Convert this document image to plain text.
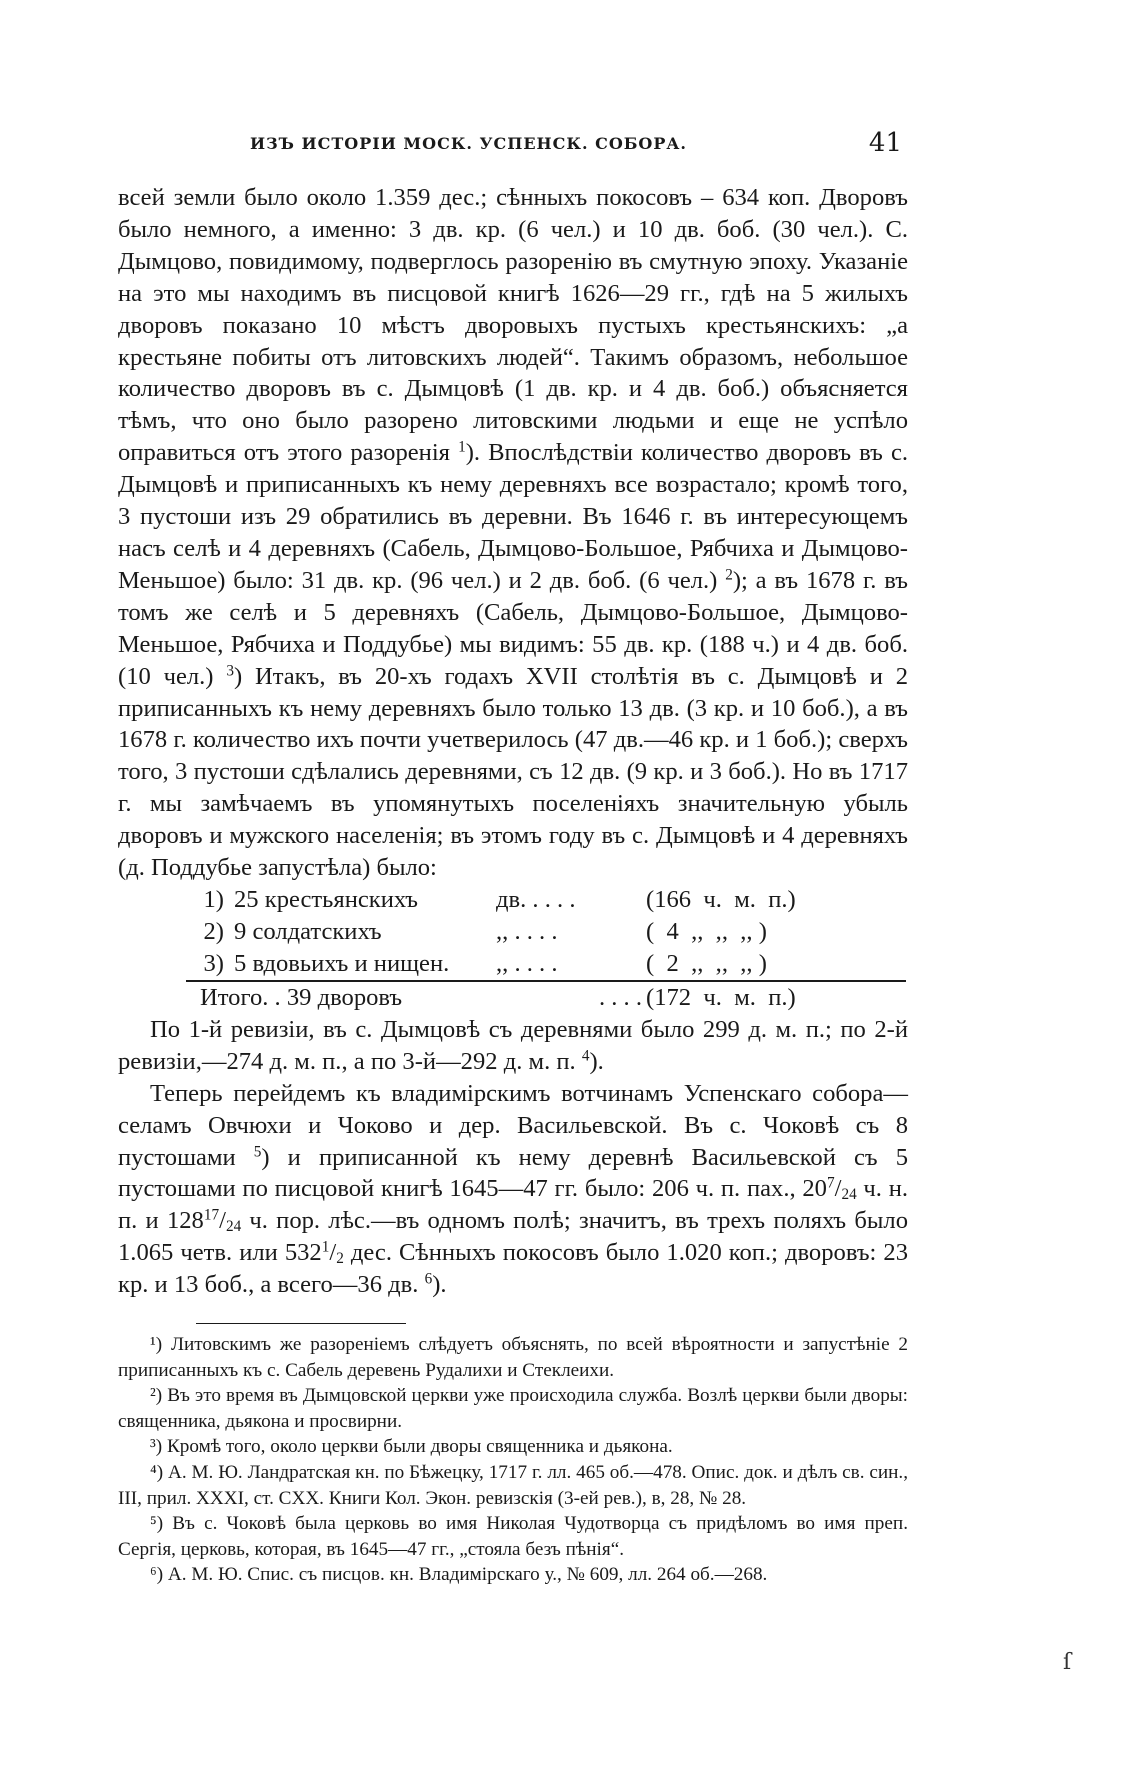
ИЗЪ ИСТОРІИ МОСК. УСПЕНСК. СОБОРА.	41

всей земли было около 1.359 дес.; сѣнныхъ покосовъ – 634 коп. Дворовъ было немного, а именно: 3 дв. кр. (6 чел.) и 10 дв. боб. (30 чел.). С. Дымцово, повидимому, подверглось разоренію въ смутную эпоху. Указаніе на это мы находимъ въ писцовой книгѣ 1626—29 гг., гдѣ на 5 жилыхъ дворовъ показано 10 мѣстъ дворовыхъ пустыхъ крестьянскихъ: „а крестьяне побиты отъ литовскихъ людей“. Такимъ образомъ, небольшое количество дворовъ въ с. Дымцовѣ (1 дв. кр. и 4 дв. боб.) объясняется тѣмъ, что оно было разорено литовскими людьми и еще не успѣло оправиться отъ этого разоренія $^1$). Впослѣдствіи количество дворовъ въ с. Дымцовѣ и приписанныхъ къ нему деревняхъ все возрастало; кромѣ того, 3 пустоши изъ 29 обратились въ деревни. Въ 1646 г. въ интересующемъ насъ селѣ и 4 деревняхъ (Сабель, Дымцово-Большое, Рябчиха и Дымцово-Меньшое) было: 31 дв. кр. (96 чел.) и 2 дв. боб. (6 чел.) $^2$); а въ 1678 г. въ томъ же селѣ и 5 деревняхъ (Сабель, Дымцово-Большое, Дымцово-Меньшое, Рябчиха и Поддубье) мы видимъ: 55 дв. кр. (188 ч.) и 4 дв. боб. (10 чел.) $^3$) Итакъ, въ 20-хъ годахъ XVII столѣтія въ с. Дымцовѣ и 2 приписанныхъ къ нему деревняхъ было только 13 дв. (3 кр. и 10 боб.), а въ 1678 г. количество ихъ почти учетверилось (47 дв.—46 кр. и 1 боб.); сверхъ того, 3 пустоши сдѣлались деревнями, съ 12 дв. (9 кр. и 3 боб.). Но въ 1717 г. мы замѣчаемъ въ упомянутыхъ поселеніяхъ значительную убыль дворовъ и мужского населенія; въ этомъ году въ с. Дымцовѣ и 4 деревняхъ (д. Поддубье запустѣла) было:

1)	25 крестьянскихъ	дв. . . . .	(166  ч.  м.  п.)
2)	9 солдатскихъ	,, . . . .	(  4  ,,  ,,  ,, )
3)	5 вдовьихъ и нищен.	,, . . . .	(  2  ,,  ,,  ,, )
Итого. . 39 дворовъ		. . . .	(172  ч.  м.  п.)

По 1-й ревизіи, въ с. Дымцовѣ съ деревнями было 299 д. м. п.; по 2-й ревизіи,—274 д. м. п., а по 3-й—292 д. м. п. $^4$).

Теперь перейдемъ къ владимірскимъ вотчинамъ Успенскаго собора—селамъ Овчюхи и Чоково и дер. Васильевской. Въ с. Чоковѣ съ 8 пустошами $^5$) и приписанной къ нему деревнѣ Васильевской съ 5 пустошами по писцовой книгѣ 1645—47 гг. было: 206 ч. п. пах., $20^7/_{24}$ ч. н. п. и $128^{17}/_{24}$ ч. пор. лѣс.—въ одномъ полѣ; значитъ, въ трехъ поляхъ было 1.065 четв. или $532^1/_2$ дес. Сѣнныхъ покосовъ было 1.020 коп.; дворовъ: 23 кр. и 13 боб., а всего—36 дв. $^6$).

¹) Литовскимъ же разореніемъ слѣдуетъ объяснять, по всей вѣроятности и запустѣніе 2 приписанныхъ къ с. Сабель деревень Рудалихи и Стеклеихи.

²) Въ это время въ Дымцовской церкви уже происходила служба. Возлѣ церкви были дворы: священника, дьякона и просвирни.

³) Кромѣ того, около церкви были дворы священника и дьякона.

⁴) А. М. Ю. Ландратская кн. по Бѣжецку, 1717 г. лл. 465 об.—478. Опис. док. и дѣлъ св. син., III, прил. XXXI, ст. CXX. Книги Кол. Экон. ревизскія (3-ей рев.), в, 28, № 28.

⁵) Въ с. Чоковѣ была церковь во имя Николая Чудотворца съ придѣломъ во имя преп. Сергія, церковь, которая, въ 1645—47 гг., „стояла безъ пѣнія“.

⁶) А. М. Ю. Спис. съ писцов. кн. Владимірскаго у., № 609, лл. 264 об.—268.

ſ
